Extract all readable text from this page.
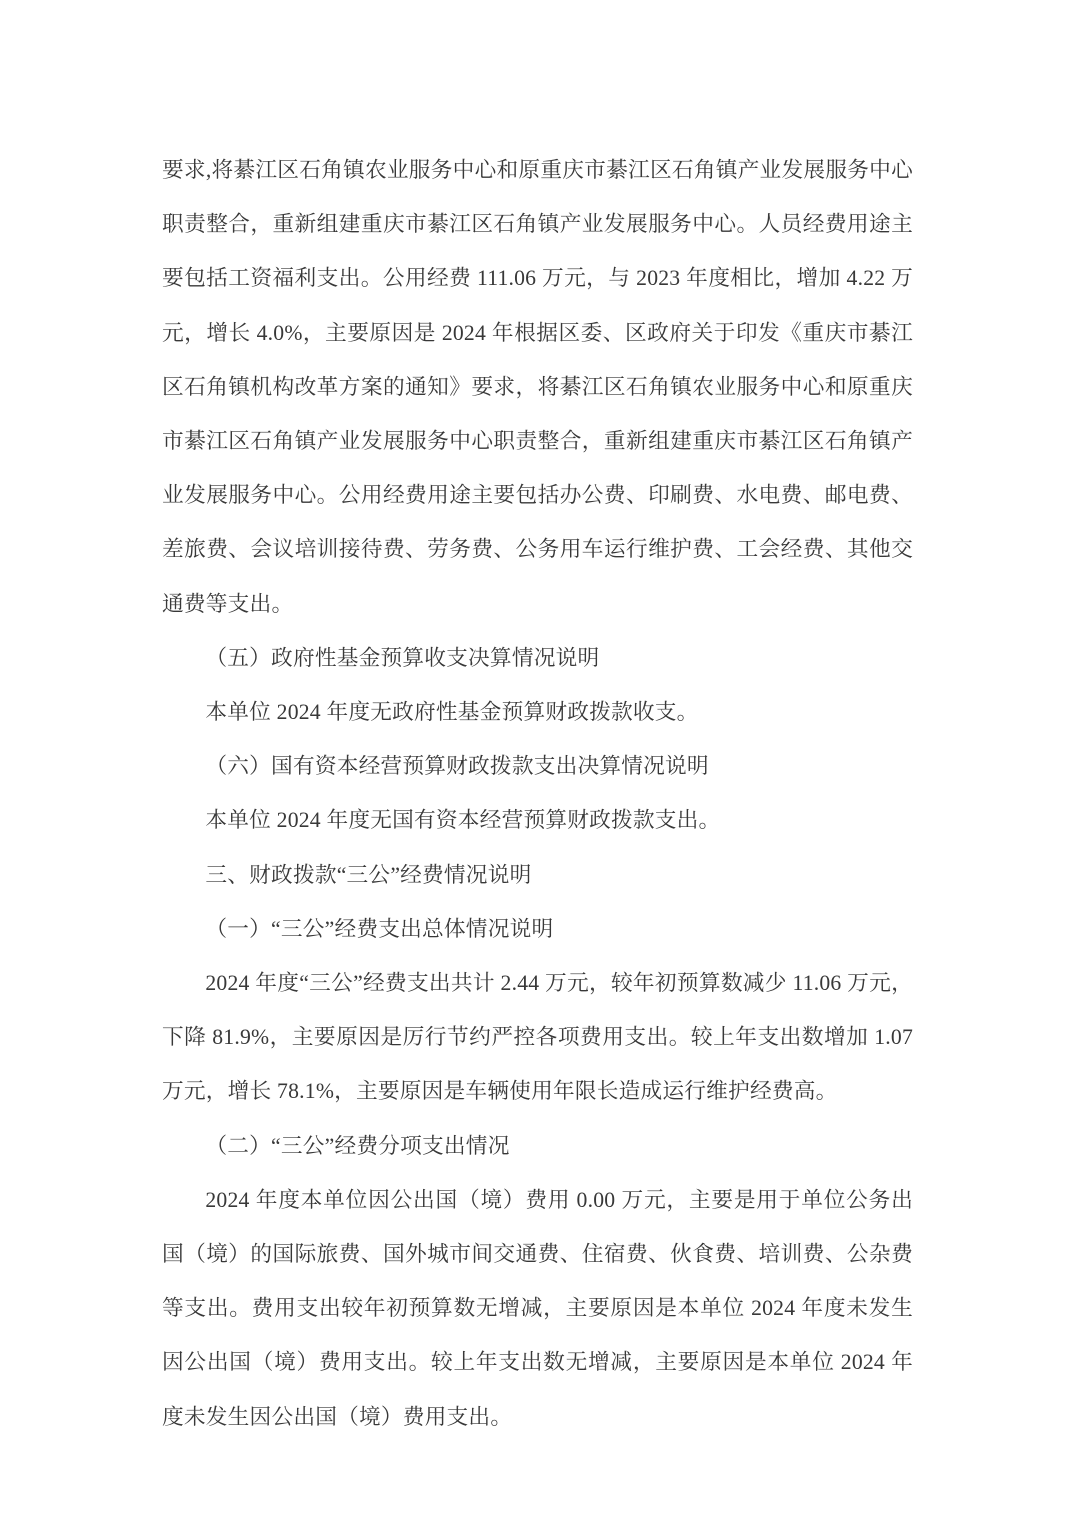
要求,将綦江区石角镇农业服务中心和原重庆市綦江区石角镇产业发展服务中心职责整合，重新组建重庆市綦江区石角镇产业发展服务中心。人员经费用途主要包括工资福利支出。公用经费 111.06 万元，与 2023 年度相比，增加 4.22 万元，增长 4.0%，主要原因是 2024 年根据区委、区政府关于印发《重庆市綦江区石角镇机构改革方案的通知》要求，将綦江区石角镇农业服务中心和原重庆市綦江区石角镇产业发展服务中心职责整合，重新组建重庆市綦江区石角镇产业发展服务中心。公用经费用途主要包括办公费、印刷费、水电费、邮电费、差旅费、会议培训接待费、劳务费、公务用车运行维护费、工会经费、其他交通费等支出。

（五）政府性基金预算收支决算情况说明

本单位 2024 年度无政府性基金预算财政拨款收支。

（六）国有资本经营预算财政拨款支出决算情况说明

本单位 2024 年度无国有资本经营预算财政拨款支出。

三、财政拨款“三公”经费情况说明

（一）“三公”经费支出总体情况说明

2024 年度“三公”经费支出共计 2.44 万元，较年初预算数减少 11.06 万元，下降 81.9%，主要原因是厉行节约严控各项费用支出。较上年支出数增加 1.07 万元，增长 78.1%，主要原因是车辆使用年限长造成运行维护经费高。

（二）“三公”经费分项支出情况

2024 年度本单位因公出国（境）费用 0.00 万元，主要是用于单位公务出国（境）的国际旅费、国外城市间交通费、住宿费、伙食费、培训费、公杂费等支出。费用支出较年初预算数无增减，主要原因是本单位 2024 年度未发生因公出国（境）费用支出。较上年支出数无增减，主要原因是本单位 2024 年度未发生因公出国（境）费用支出。
